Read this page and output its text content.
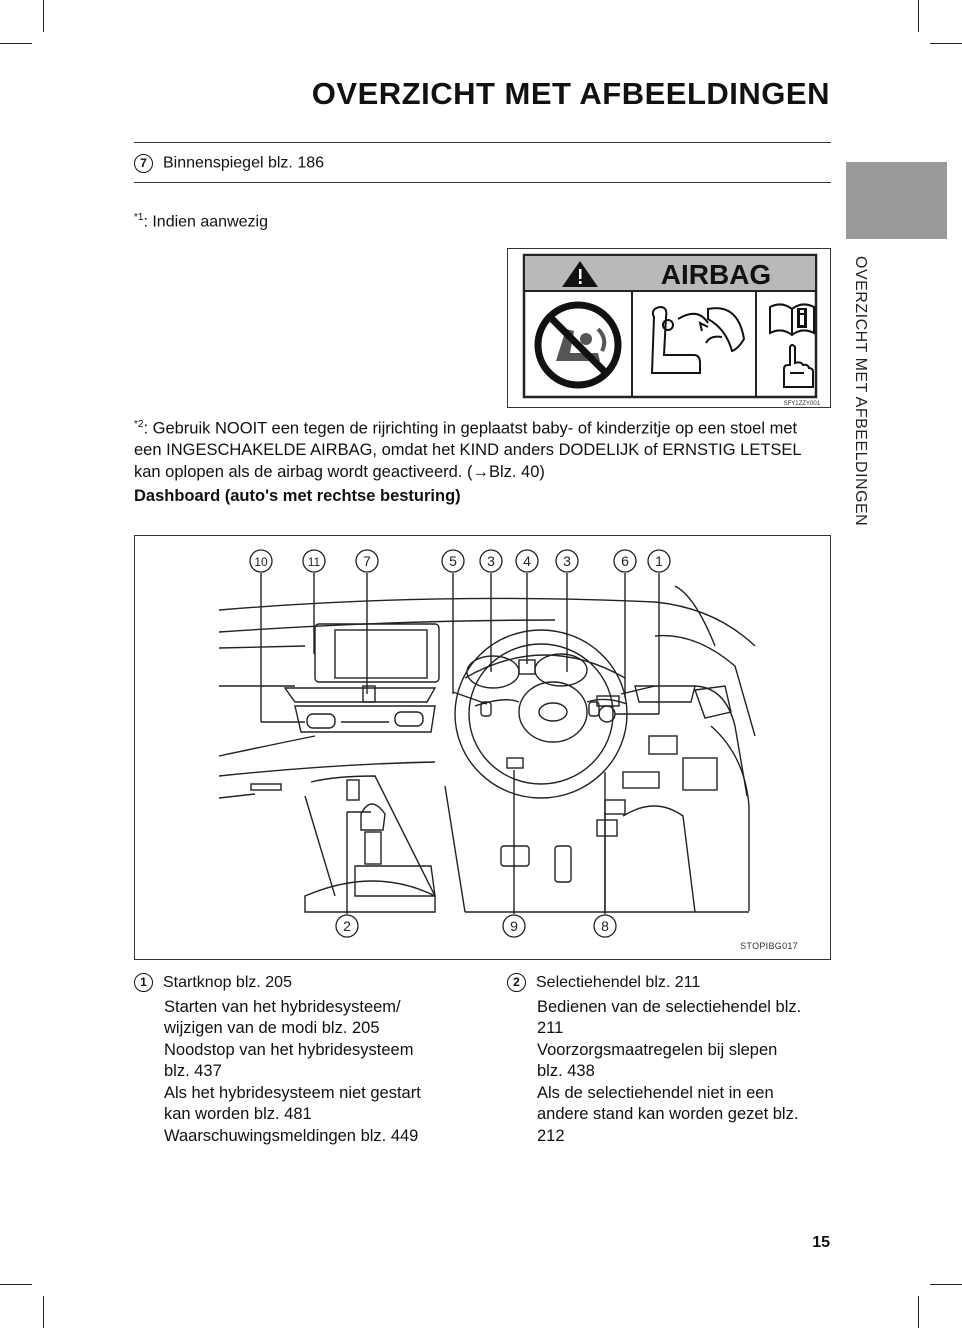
OVERZICHT MET AFBEELDINGEN
OVERZICHT MET AFBEELDINGEN
7 Binnenspiegel blz. 186
$^{*1}$: Indien aanwezig
AIRBAG
SFY1ZZY001

$^{*2}$: Gebruik NOOIT een tegen de rijrichting in geplaatst baby- of kinderzitje op een stoel met een INGESCHAKELDE AIRBAG, omdat het KIND anders DODELIJK of ERNSTIG LETSEL kan oplopen als de airbag wordt geactiveerd. (→Blz. 40)

Dashboard (auto's met rechtse besturing)
10	11	7	5 3 4 3	6 1
2	9	8
STOPIBG017
1	Startknop blz. 205
Starten van het hybridesysteem/ wijzigen van de modi blz. 205
Noodstop van het hybridesysteem blz. 437
Als het hybridesysteem niet gestart kan worden blz. 481
Waarschuwingsmeldingen blz. 449
2	Selectiehendel blz. 211
Bedienen van de selectiehendel blz. 211
Voorzorgsmaatregelen bij slepen blz. 438
Als de selectiehendel niet in een andere stand kan worden gezet blz. 212
15
